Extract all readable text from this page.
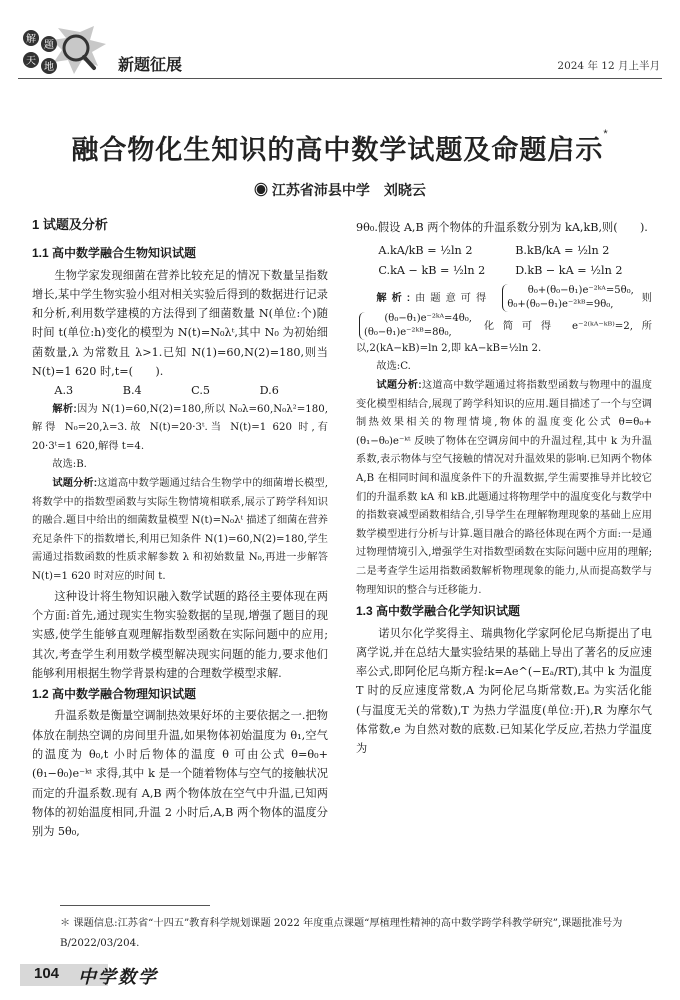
解
题
天
地	新题征展	2024 年 12 月上半月
融合物化生知识的高中数学试题及命题启示*
◉ 江苏省沛县中学　刘晓云

1 试题及分析

1.1 高中数学融合生物知识试题

生物学家发现细菌在营养比较充足的情况下数量呈指数增长,某中学生物实验小组对相关实验后得到的数据进行记录和分析,利用数学建模的方法得到了细菌数量 N(单位:个)随时间 t(单位:h)变化的模型为 N(t)=N₀λᵗ,其中 N₀ 为初始细菌数量,λ 为常数且 λ>1.已知 N(1)=60,N(2)=180,则当 N(t)=1 620 时,t=(　　).

A.3	B.4	C.5	D.6

解析:因为 N(1)=60,N(2)=180,所以 N₀λ=60,N₀λ²=180,解得 N₀=20,λ=3.故 N(t)=20·3ᵗ.当 N(t)=1 620 时,有 20·3ᵗ=1 620,解得 t=4.

故选:B.

试题分析:这道高中数学题通过结合生物学中的细菌增长模型,将数学中的指数型函数与实际生物情境相联系,展示了跨学科知识的融合.题目中给出的细菌数量模型 N(t)=N₀λᵗ 描述了细菌在营养充足条件下的指数增长,利用已知条件 N(1)=60,N(2)=180,学生需通过指数函数的性质求解参数 λ 和初始数量 N₀,再进一步解答 N(t)=1 620 时对应的时间 t.

这种设计将生物知识融入数学试题的路径主要体现在两个方面:首先,通过现实生物实验数据的呈现,增强了题目的现实感,使学生能够直观理解指数型函数在实际问题中的应用;其次,考查学生利用数学模型解决现实问题的能力,要求他们能够利用根据生物学背景构建的合理数学模型求解.

1.2 高中数学融合物理知识试题

升温系数是衡量空调制热效果好坏的主要依据之一.把物体放在制热空调的房间里升温,如果物体初始温度为 θ₁,空气的温度为 θ₀,t 小时后物体的温度 θ 可由公式 θ=θ₀+(θ₁−θ₀)e⁻ᵏᵗ 求得,其中 k 是一个随着物体与空气的接触状况而定的升温系数.现有 A,B 两个物体放在空气中升温,已知两物体的初始温度相同,升温 2 小时后,A,B 两个物体的温度分别为 5θ₀,

9θ₀.假设 A,B 两个物体的升温系数分别为 kA,kB,则(　　).

A.kA/kB = ½ln 2	B.kB/kA = ½ln 2
C.kA − kB = ½ln 2	D.kB − kA = ½ln 2

解析:由题意可得 θ₀+(θ₀−θ₁)e⁻²ᵏᴬ=5θ₀,
θ₀+(θ₀−θ₁)e⁻²ᵏᴮ=9θ₀,则 (θ₀−θ₁)e⁻²ᵏᴬ=4θ₀,
(θ₀−θ₁)e⁻²ᵏᴮ=8θ₀,化简可得 e⁻²⁽ᵏᴬ⁻ᵏᴮ⁾=2,所以,2(kA−kB)=ln 2,即 kA−kB=½ln 2.

故选:C.

试题分析:这道高中数学题通过将指数型函数与物理中的温度变化模型相结合,展现了跨学科知识的应用.题目描述了一个与空调制热效果相关的物理情境,物体的温度变化公式 θ=θ₀+(θ₁−θ₀)e⁻ᵏᵗ 反映了物体在空调房间中的升温过程,其中 k 为升温系数,表示物体与空气接触的情况对升温效果的影响.已知两个物体 A,B 在相同时间和温度条件下的升温数据,学生需要推导并比较它们的升温系数 kA 和 kB.此题通过将物理学中的温度变化与数学中的指数衰减型函数相结合,引导学生在理解物理现象的基础上应用数学模型进行分析与计算.题目融合的路径体现在两个方面:一是通过物理情境引入,增强学生对指数型函数在实际问题中应用的理解;二是考查学生运用指数函数解析物理现象的能力,从而提高数学与物理知识的整合与迁移能力.

1.3 高中数学融合化学知识试题

诺贝尔化学奖得主、瑞典物化学家阿伦尼乌斯提出了电离学说,并在总结大量实验结果的基础上导出了著名的反应速率公式,即阿伦尼乌斯方程:k=Ae^(−Eₐ/RT),其中 k 为温度 T 时的反应速度常数,A 为阿伦尼乌斯常数,Eₐ 为实活化能(与温度无关的常数),T 为热力学温度(单位:开),R 为摩尔气体常数,e 为自然对数的底数.已知某化学反应,若热力学温度为

＊ 课题信息:江苏省“十四五”教育科学规划课题 2022 年度重点课题“厚植理性精神的高中数学跨学科教学研究”,课题批准号为 B/2022/03/204.
104 中学数学
